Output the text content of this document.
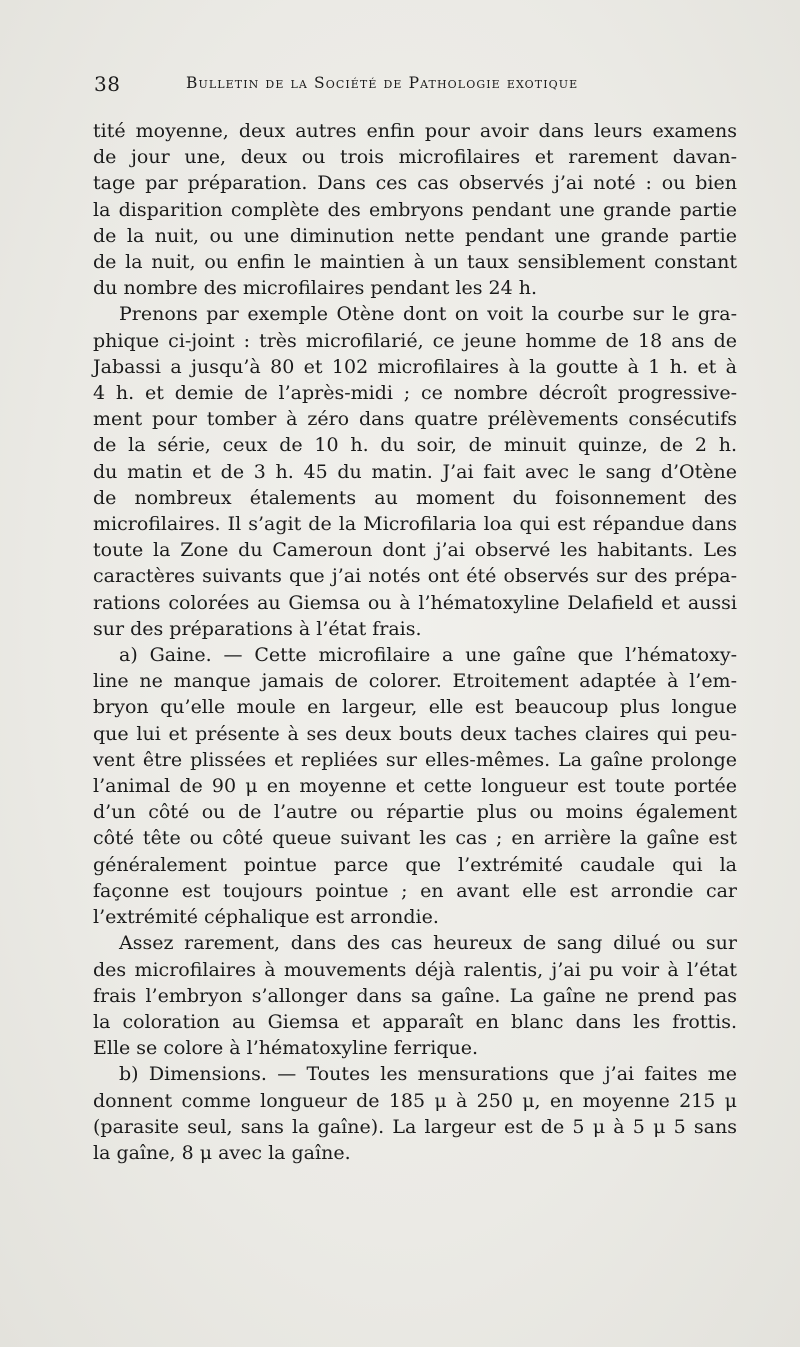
38	Bulletin de la Société de Pathologie exotique

tité moyenne, deux autres enfin pour avoir dans leurs examens
de jour une, deux ou trois microfilaires et rarement davan-
tage par préparation. Dans ces cas observés j’ai noté : ou bien
la disparition complète des embryons pendant une grande partie
de la nuit, ou une diminution nette pendant une grande partie
de la nuit, ou enfin le maintien à un taux sensiblement constant
du nombre des microfilaires pendant les 24 h.

Prenons par exemple Otène dont on voit la courbe sur le gra-
phique ci-joint : très microfilarié, ce jeune homme de 18 ans de
Jabassi a jusqu’à 80 et 102 microfilaires à la goutte à 1 h. et à
4 h. et demie de l’après-midi ; ce nombre décroît progressive-
ment pour tomber à zéro dans quatre prélèvements consécutifs
de la série, ceux de 10 h. du soir, de minuit quinze, de 2 h.
du matin et de 3 h. 45 du matin. J’ai fait avec le sang d’Otène
de nombreux étalements au moment du foisonnement des
microfilaires. Il s’agit de la Microfilaria loa qui est répandue dans
toute la Zone du Cameroun dont j’ai observé les habitants. Les
caractères suivants que j’ai notés ont été observés sur des prépa-
rations colorées au Giemsa ou à l’hématoxyline Delafield et aussi
sur des préparations à l’état frais.

a) Gaine. — Cette microfilaire a une gaîne que l’hématoxy-
line ne manque jamais de colorer. Etroitement adaptée à l’em-
bryon qu’elle moule en largeur, elle est beaucoup plus longue
que lui et présente à ses deux bouts deux taches claires qui peu-
vent être plissées et repliées sur elles-mêmes. La gaîne prolonge
l’animal de 90 μ en moyenne et cette longueur est toute portée
d’un côté ou de l’autre ou répartie plus ou moins également
côté tête ou côté queue suivant les cas ; en arrière la gaîne est
généralement pointue parce que l’extrémité caudale qui la
façonne est toujours pointue ; en avant elle est arrondie car
l’extrémité céphalique est arrondie.

Assez rarement, dans des cas heureux de sang dilué ou sur
des microfilaires à mouvements déjà ralentis, j’ai pu voir à l’état
frais l’embryon s’allonger dans sa gaîne. La gaîne ne prend pas
la coloration au Giemsa et apparaît en blanc dans les frottis.
Elle se colore à l’hématoxyline ferrique.

b) Dimensions. — Toutes les mensurations que j’ai faites me
donnent comme longueur de 185 μ à 250 μ, en moyenne 215 μ
(parasite seul, sans la gaîne). La largeur est de 5 μ à 5 μ 5 sans
la gaîne, 8 μ avec la gaîne.
